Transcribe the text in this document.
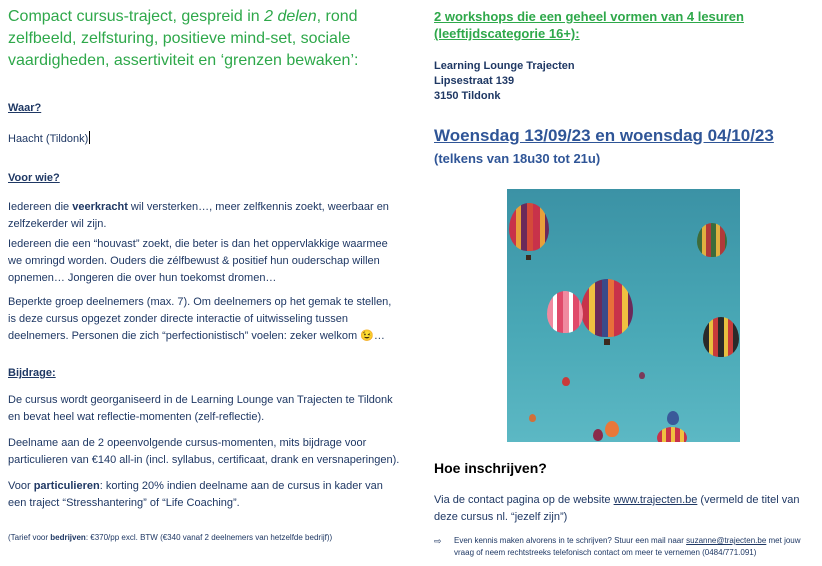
Compact cursus-traject, gespreid in 2 delen, rond zelfbeeld, zelfsturing, positieve mind-set, sociale vaardigheden, assertiviteit en ‘grenzen bewaken’:
Waar?
Haacht (Tildonk)
Voor wie?
Iedereen die veerkracht wil versterken…, meer zelfkennis zoekt, weerbaar en zelfzekerder wil zijn.
Iedereen die een “houvast” zoekt, die beter is dan het oppervlakkige waarmee we omringd worden. Ouders die zélfbewust & positief hun ouderschap willen opnemen… Jongeren die over hun toekomst dromen…
Beperkte groep deelnemers (max. 7). Om deelnemers op het gemak te stellen, is deze cursus opgezet zonder directe interactie of uitwisseling tussen deelnemers. Personen die zich “perfectionistisch” voelen: zeker welkom 😉…
Bijdrage:
De cursus wordt georganiseerd in de Learning Lounge van Trajecten te Tildonk en bevat heel wat reflectie-momenten (zelf-reflectie).
Deelname aan de 2 opeenvolgende cursus-momenten, mits bijdrage voor particulieren van €140 all-in (incl. syllabus, certificaat, drank en versnaperingen).
Voor particulieren: korting 20% indien deelname aan de cursus in kader van een traject “Stresshantering” of “Life Coaching”.
(Tarief voor bedrijven: €370/pp excl. BTW (€340 vanaf 2 deelnemers van hetzelfde bedrijf))
2 workshops die een geheel vormen van 4 lesuren
(leeftijdscategorie 16+):
Learning Lounge Trajecten
Lipsestraat 139
3150 Tildonk
Woensdag 13/09/23 en woensdag 04/10/23
(telkens van 18u30 tot 21u)
Hoe inschrijven?
Via de contact pagina op de website www.trajecten.be (vermeld de titel van deze cursus nl. “jezelf zijn”)
⇨ Even kennis maken alvorens in te schrijven? Stuur een mail naar suzanne@trajecten.be met jouw vraag of neem rechtstreeks telefonisch contact om meer te vernemen (0484/771.091)
